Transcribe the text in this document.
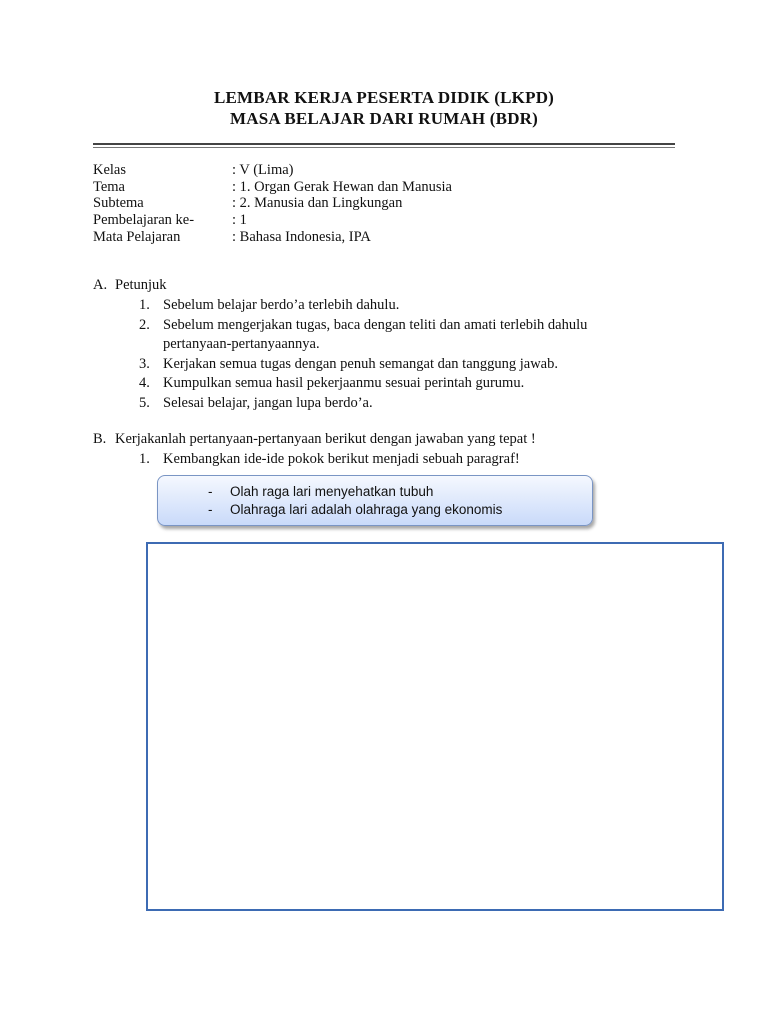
LEMBAR KERJA PESERTA DIDIK (LKPD)
MASA BELAJAR DARI RUMAH (BDR)
Kelas	: V (Lima)
Tema	: 1. Organ Gerak Hewan dan Manusia
Subtema	: 2. Manusia dan Lingkungan
Pembelajaran ke-	: 1
Mata Pelajaran	: Bahasa Indonesia, IPA
A. Petunjuk
1. Sebelum belajar berdo’a terlebih dahulu.
2. Sebelum mengerjakan tugas, baca dengan teliti dan amati terlebih dahulu
pertanyaan-pertanyaannya.
3. Kerjakan semua tugas dengan penuh semangat dan tanggung jawab.
4. Kumpulkan semua hasil pekerjaanmu sesuai perintah gurumu.
5. Selesai belajar, jangan lupa berdo’a.
B. Kerjakanlah pertanyaan-pertanyaan berikut dengan jawaban yang tepat !
1. Kembangkan ide-ide pokok berikut menjadi sebuah paragraf!
- Olah raga lari menyehatkan tubuh
- Olahraga lari adalah olahraga yang ekonomis
